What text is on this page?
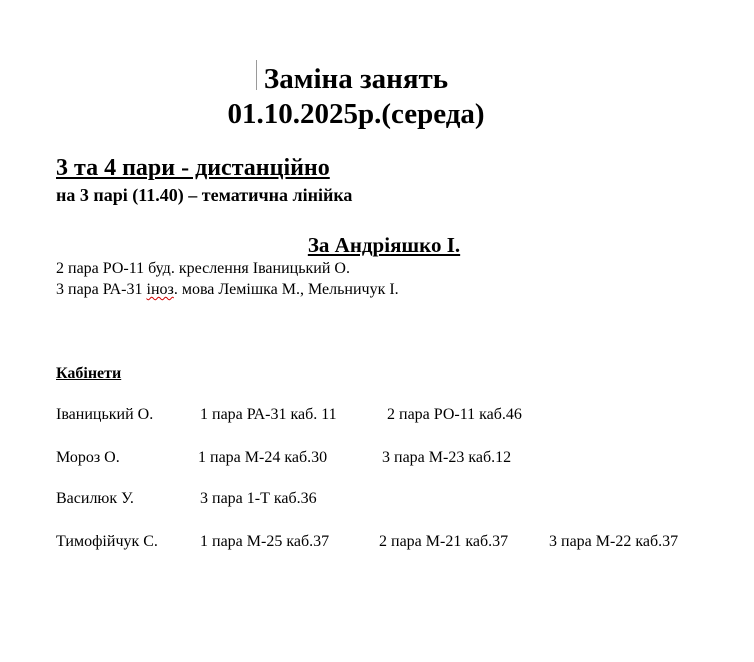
Заміна занять
01.10.2025р.(середа)
3 та 4 пари - дистанційно
на 3 парі (11.40) – тематична лінійка
За Андріяшко І.
2 пара РО-11 буд. креслення Іваницький О.
3 пара РА-31 іноз. мова Лемішка М., Мельничук І.
Кабінети
Іваницький О.	1 пара РА-31 каб. 11	2 пара РО-11 каб.46
Мороз О.	1 пара М-24 каб.30	3 пара М-23 каб.12
Василюк У.	3 пара 1-Т каб.36
Тимофійчук С.	1 пара М-25 каб.37	2 пара М-21 каб.37	3 пара М-22 каб.37
